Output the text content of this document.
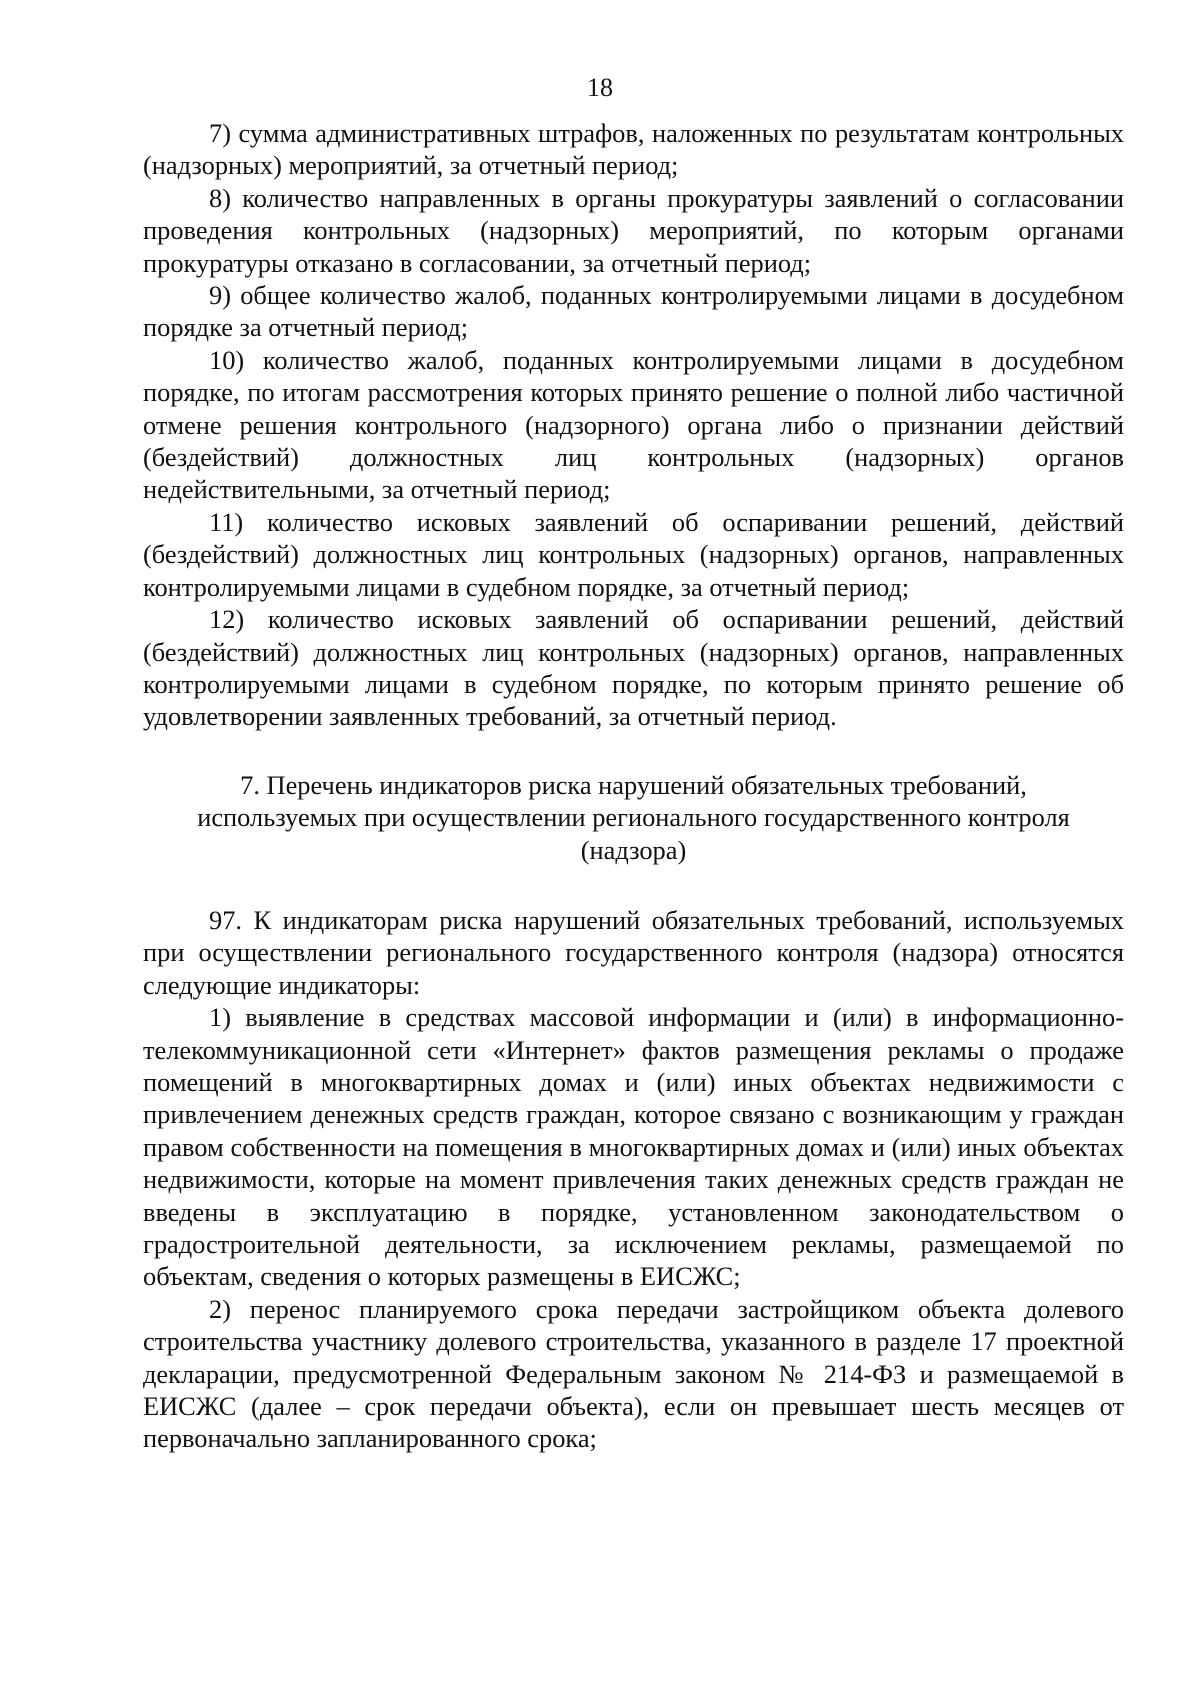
18

7) сумма административных штрафов, наложенных по результатам контрольных (надзорных) мероприятий, за отчетный период;

8) количество направленных в органы прокуратуры заявлений о согласовании проведения контрольных (надзорных) мероприятий, по которым органами прокуратуры отказано в согласовании, за отчетный период;

9) общее количество жалоб, поданных контролируемыми лицами в досудебном порядке за отчетный период;

10) количество жалоб, поданных контролируемыми лицами в досудебном порядке, по итогам рассмотрения которых принято решение о полной либо частичной отмене решения контрольного (надзорного) органа либо о признании действий (бездействий) должностных лиц контрольных (надзорных) органов недействительными, за отчетный период;

11) количество исковых заявлений об оспаривании решений, действий (бездействий) должностных лиц контрольных (надзорных) органов, направленных контролируемыми лицами в судебном порядке, за отчетный период;

12) количество исковых заявлений об оспаривании решений, действий (бездействий) должностных лиц контрольных (надзорных) органов, направленных контролируемыми лицами в судебном порядке, по которым принято решение об удовлетворении заявленных требований, за отчетный период.

7. Перечень индикаторов риска нарушений обязательных требований,
используемых при осуществлении регионального государственного контроля
(надзора)

97. К индикаторам риска нарушений обязательных требований, используемых при осуществлении регионального государственного контроля (надзора) относятся следующие индикаторы:

1) выявление в средствах массовой информации и (или) в информационно-телекоммуникационной сети «Интернет» фактов размещения рекламы о продаже помещений в многоквартирных домах и (или) иных объектах недвижимости с привлечением денежных средств граждан, которое связано с возникающим у граждан правом собственности на помещения в многоквартирных домах и (или) иных объектах недвижимости, которые на момент привлечения таких денежных средств граждан не введены в эксплуатацию в порядке, установленном законодательством о градостроительной деятельности, за исключением рекламы, размещаемой по объектам, сведения о которых размещены в ЕИСЖС;

2) перенос планируемого срока передачи застройщиком объекта долевого строительства участнику долевого строительства, указанного в разделе 17 проектной декларации, предусмотренной Федеральным законом № 214-ФЗ и размещаемой в ЕИСЖС (далее – срок передачи объекта), если он превышает шесть месяцев от первоначально запланированного срока;
